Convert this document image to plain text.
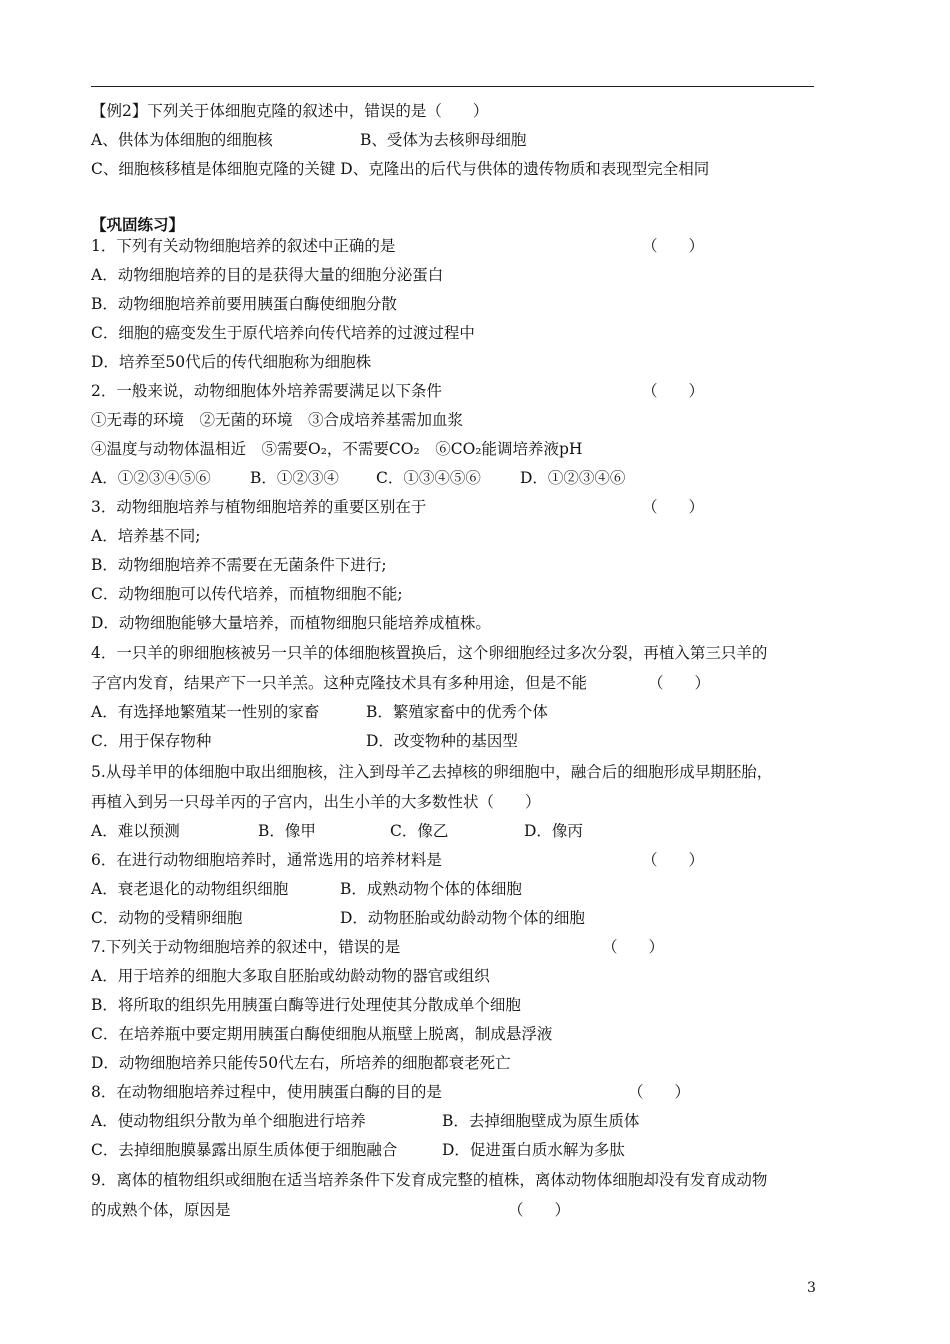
【例2】下列关于体细胞克隆的叙述中，错误的是（　　）
A、供体为体细胞的细胞核	B、受体为去核卵母细胞
C、细胞核移植是体细胞克隆的关键 D、克隆出的后代与供体的遗传物质和表现型完全相同
【巩固练习】
1．下列有关动物细胞培养的叙述中正确的是	（　　）
A．动物细胞培养的目的是获得大量的细胞分泌蛋白
B．动物细胞培养前要用胰蛋白酶使细胞分散
C．细胞的癌变发生于原代培养向传代培养的过渡过程中
D．培养至50代后的传代细胞称为细胞株
2．一般来说，动物细胞体外培养需要满足以下条件	（　　）
①无毒的环境　②无菌的环境　③合成培养基需加血浆
④温度与动物体温相近　⑤需要O₂，不需要CO₂　⑥CO₂能调培养液pH
A．①②③④⑤⑥	B．①②③④ C．①③④⑤⑥	D．①②③④⑥
3．动物细胞培养与植物细胞培养的重要区别在于	（　　）
A．培养基不同;
B．动物细胞培养不需要在无菌条件下进行;
C．动物细胞可以传代培养，而植物细胞不能;
D．动物细胞能够大量培养，而植物细胞只能培养成植株。
4．一只羊的卵细胞核被另一只羊的体细胞核置换后，这个卵细胞经过多次分裂，再植入第三只羊的
子宫内发育，结果产下一只羊羔。这种克隆技术具有多种用途，但是不能	（　　）
A．有选择地繁殖某一性别的家畜	B．繁殖家畜中的优秀个体
C．用于保存物种	D．改变物种的基因型
5.从母羊甲的体细胞中取出细胞核，注入到母羊乙去掉核的卵细胞中，融合后的细胞形成早期胚胎，
再植入到另一只母羊丙的子宫内，出生小羊的大多数性状（　　）
A．难以预测	B．像甲	C．像乙	D．像丙
6．在进行动物细胞培养时，通常选用的培养材料是	（　　）
A．衰老退化的动物组织细胞	B．成熟动物个体的体细胞
C．动物的受精卵细胞	D．动物胚胎或幼龄动物个体的细胞
7.下列关于动物细胞培养的叙述中，错误的是	（　　）
A．用于培养的细胞大多取自胚胎或幼龄动物的器官或组织
B．将所取的组织先用胰蛋白酶等进行处理使其分散成单个细胞
C．在培养瓶中要定期用胰蛋白酶使细胞从瓶壁上脱离，制成悬浮液
D．动物细胞培养只能传50代左右，所培养的细胞都衰老死亡
8．在动物细胞培养过程中，使用胰蛋白酶的目的是	（　　）
A．使动物组织分散为单个细胞进行培养	B．去掉细胞壁成为原生质体
C．去掉细胞膜暴露出原生质体便于细胞融合	D．促进蛋白质水解为多肽
9．离体的植物组织或细胞在适当培养条件下发育成完整的植株，离体动物体细胞却没有发育成动物
的成熟个体，原因是	（　　）
3
